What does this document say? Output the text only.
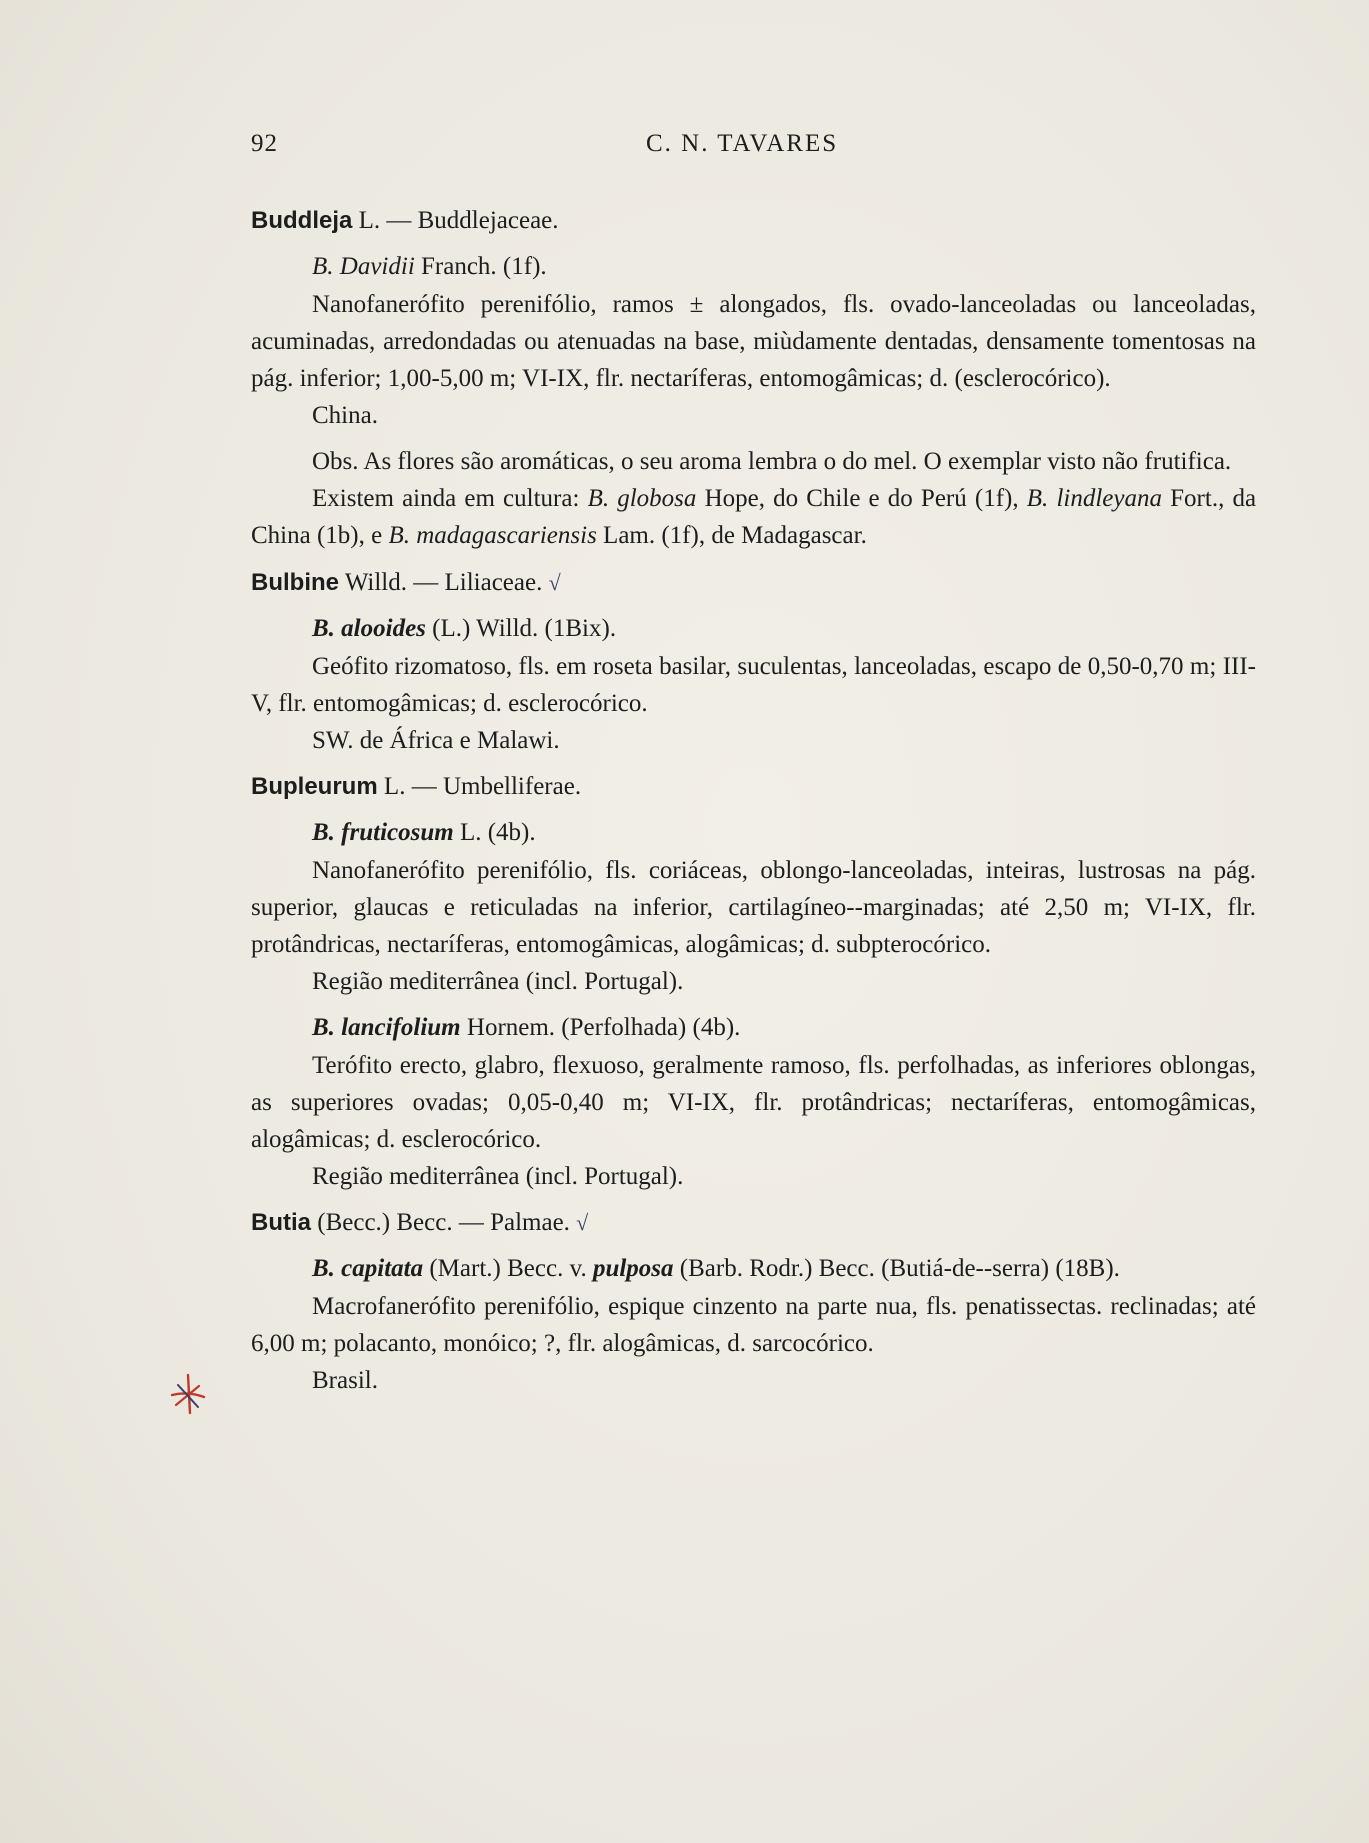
92	C. N. TAVARES

Buddleja L. — Buddlejaceae.

B. Davidii Franch. (1f).

Nanofanerófito perenifólio, ramos ± alongados, fls. ovado-lanceoladas ou lanceoladas, acuminadas, arredondadas ou atenuadas na base, miùdamente dentadas, densamente tomentosas na pág. inferior; 1,00-5,00 m; VI-IX, flr. nectaríferas, entomogâmicas; d. (esclerocórico).

China.

Obs. As flores são aromáticas, o seu aroma lembra o do mel. O exemplar visto não frutifica.

Existem ainda em cultura: B. globosa Hope, do Chile e do Perú (1f), B. lindleyana Fort., da China (1b), e B. madagascariensis Lam. (1f), de Madagascar.

Bulbine Willd. — Liliaceae. √

B. alooides (L.) Willd. (1Bix).

Geófito rizomatoso, fls. em roseta basilar, suculentas, lanceoladas, escapo de 0,50-0,70 m; III-V, flr. entomogâmicas; d. esclerocórico.

SW. de África e Malawi.

Bupleurum L. — Umbelliferae.

B. fruticosum L. (4b).

Nanofanerófito perenifólio, fls. coriáceas, oblongo-lanceoladas, inteiras, lustrosas na pág. superior, glaucas e reticuladas na inferior, cartilagíneo--marginadas; até 2,50 m; VI-IX, flr. protândricas, nectaríferas, entomogâmicas, alogâmicas; d. subpterocórico.

Região mediterrânea (incl. Portugal).

B. lancifolium Hornem. (Perfolhada) (4b).

Terófito erecto, glabro, flexuoso, geralmente ramoso, fls. perfolhadas, as inferiores oblongas, as superiores ovadas; 0,05-0,40 m; VI-IX, flr. protândricas; nectaríferas, entomogâmicas, alogâmicas; d. esclerocórico.

Região mediterrânea (incl. Portugal).

Butia (Becc.) Becc. — Palmae. √

B. capitata (Mart.) Becc. v. pulposa (Barb. Rodr.) Becc. (Butiá-de--serra) (18B).

Macrofanerófito perenifólio, espique cinzento na parte nua, fls. penatissectas. reclinadas; até 6,00 m; polacanto, monóico; ?, flr. alogâmicas, d. sarcocórico.

Brasil.
